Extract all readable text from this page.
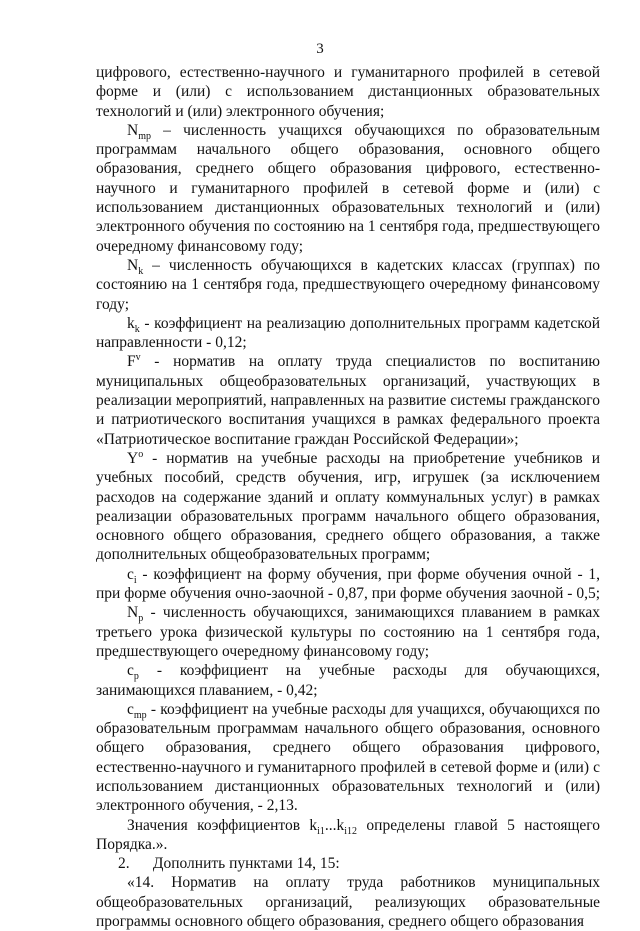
3

цифрового, естественно-научного и гуманитарного профилей в сетевой форме и (или) с использованием дистанционных образовательных технологий и (или) электронного обучения;

$N_{mp}$ – численность учащихся обучающихся по образовательным программам начального общего образования, основного общего образования, среднего общего образования цифрового, естественно-научного и гуманитарного профилей в сетевой форме и (или) с использованием дистанционных образовательных технологий и (или) электронного обучения по состоянию на 1 сентября года, предшествующего очередному финансовому году;

$N_k$ – численность обучающихся в кадетских классах (группах) по состоянию на 1 сентября года, предшествующего очередному финансовому году;

$k_k$ - коэффициент на реализацию дополнительных программ кадетской направленности - 0,12;

$F^v$ - норматив на оплату труда специалистов по воспитанию муниципальных общеобразовательных организаций, участвующих в реализации мероприятий, направленных на развитие системы гражданского и патриотического воспитания учащихся в рамках федерального проекта «Патриотическое воспитание граждан Российской Федерации»;

$Y^o$ - норматив на учебные расходы на приобретение учебников и учебных пособий, средств обучения, игр, игрушек (за исключением расходов на содержание зданий и оплату коммунальных услуг) в рамках реализации образовательных программ начального общего образования, основного общего образования, среднего общего образования, а также дополнительных общеобразовательных программ;

$c_i$ - коэффициент на форму обучения, при форме обучения очной - 1, при форме обучения очно-заочной - 0,87, при форме обучения заочной - 0,5;

$N_p$ - численность обучающихся, занимающихся плаванием в рамках третьего урока физической культуры по состоянию на 1 сентября года, предшествующего очередному финансовому году;

$c_p$ - коэффициент на учебные расходы для обучающихся, занимающихся плаванием, - 0,42;

$c_{mp}$ - коэффициент на учебные расходы для учащихся, обучающихся по образовательным программам начального общего образования, основного общего образования, среднего общего образования цифрового, естественно-научного и гуманитарного профилей в сетевой форме и (или) с использованием дистанционных образовательных технологий и (или) электронного обучения, - 2,13.

Значения коэффициентов $k_{i1}...k_{i12}$ определены главой 5 настоящего Порядка.».

2.      Дополнить пунктами 14, 15:

«14. Норматив на оплату труда работников муниципальных общеобразовательных организаций, реализующих образовательные программы основного общего образования, среднего общего образования
